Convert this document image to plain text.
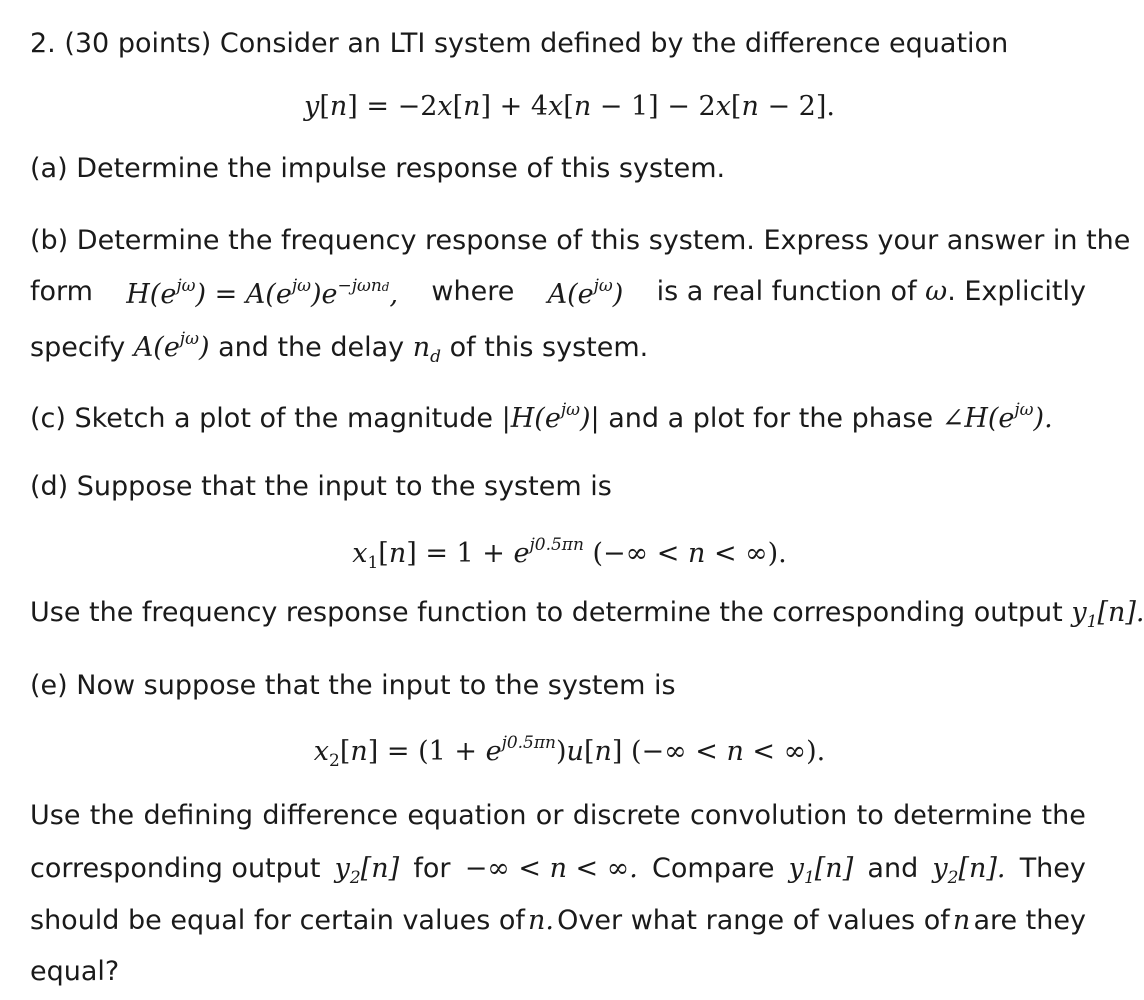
2. (30 points) Consider an LTI system defined by the difference equation
y[n] = −2x[n] + 4x[n − 1] − 2x[n − 2].
(a) Determine the impulse response of this system.
(b) Determine the frequency response of this system. Express your answer in the
form $H(e^{j\omega}) = A(e^{j\omega})e^{-j\omega nd}$, where $A(e^{j\omega})$ is a real function of ω. Explicitly
specify $A(e^{j\omega})$ and the delay $n_d$ of this system.
(c) Sketch a plot of the magnitude $|H(e^{j\omega})|$ and a plot for the phase $\angle H(e^{j\omega})$.
(d) Suppose that the input to the system is
$x_1[n] = 1 + e^{j0.5\pi n}$ (−∞ < n < ∞).
Use the frequency response function to determine the corresponding output $y_1[n]$.
(e) Now suppose that the input to the system is
$x_2[n] = (1 + e^{j0.5\pi n})u[n]$ (−∞ < n < ∞).
Use the defining difference equation or discrete convolution to determine the
corresponding output $y_2[n]$ for −∞ < n < ∞. Compare $y_1[n]$ and $y_2[n]$. They
should be equal for certain values of n. Over what range of values of n are they
equal?
